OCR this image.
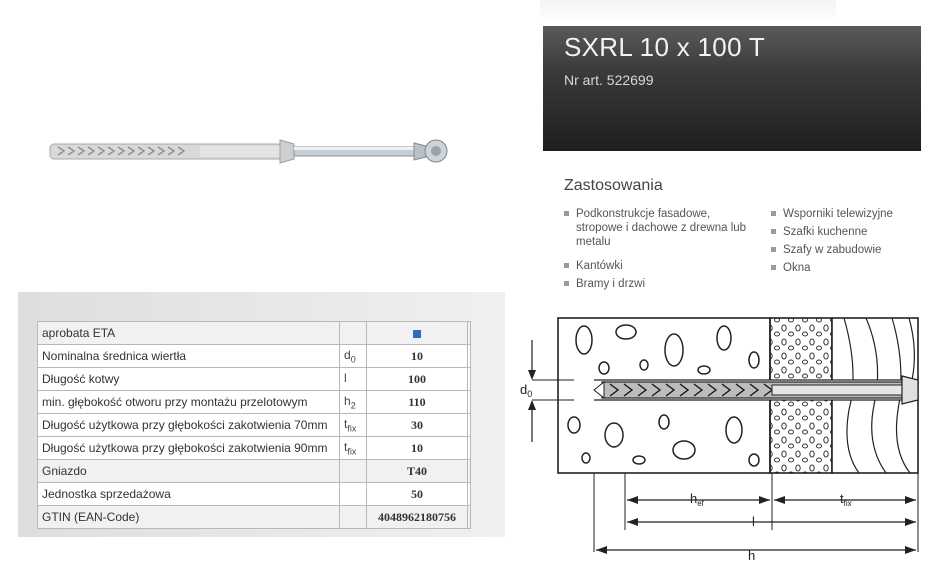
SXRL 10 x 100 T
Nr art. 522699
Zastosowania
Podkonstrukcje fasadowe, stropowe i dachowe z drewna lub metalu
Kantówki
Bramy i drzwi
Wsporniki telewizyjne
Szafki kuchenne
Szafy w zabudowie
Okna
aprobata ETA			
Nominalna średnica wiertła	$d_0$	10	
Długość kotwy	l	100	
min. głębokość otworu przy montażu przelotowym	$h_2$	110	
Długość użytkowa przy głębokości zakotwienia 70mm	$t_{fix}$	30	
Długość użytkowa przy głębokości zakotwienia 90mm	$t_{fix}$	10	
Gniazdo		T40	
Jednostka sprzedażowa		50	
GTIN (EAN-Code)		4048962180756	
$d_0$
$h_{ef}$	$t_{fix}$
l
h
